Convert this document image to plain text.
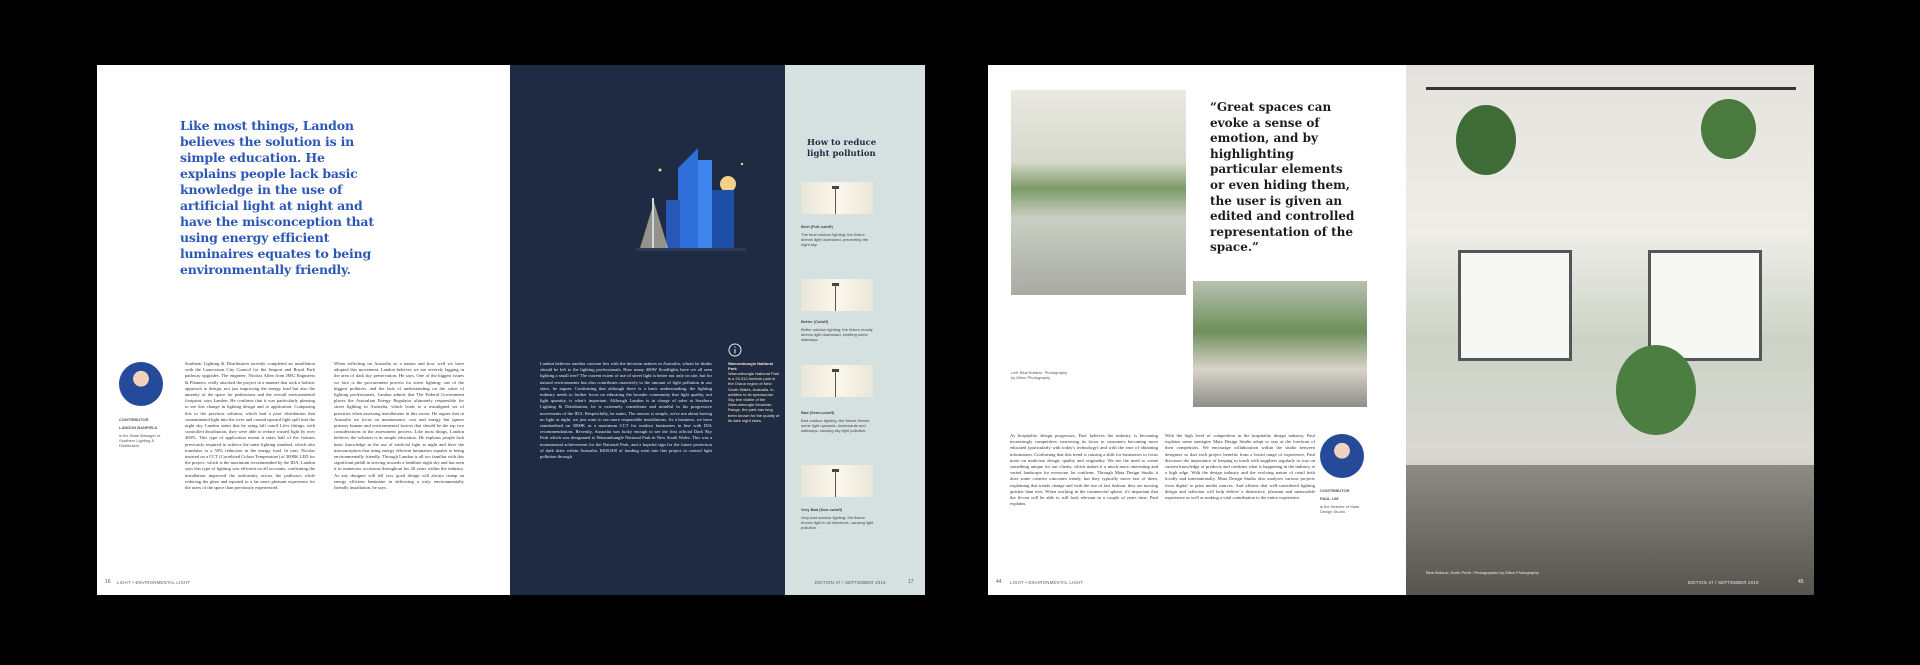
Like most things, Landon believes the solution is in simple education. He explains people lack basic knowledge in the use of artificial light at night and have the misconception that using energy efficient luminaires equates to being environmentally friendly.
CONTRIBUTOR
LANDON BANFIELD
is the State Manager of Southern Lighting & Distribution.
Southern Lighting & Distribution recently completed an installation with the Launceston City Council for the Seaport and Royal Park pathway upgrades. The engineer, Nicolas Allen from JMG Engineers & Planners, really attacked the project in a manner that took a holistic approach to design, not just improving the energy load but also the amenity of the space for pedestrians and the overall environmental footprint, says Landon. He confirms that it was particularly pleasing to see this change in lighting design and to application. Comparing this to the previous solution, which had a poor distribution that contaminated light into the river and caused upward light spill into the night sky, Landon states that by using full cutoff Lifer fittings, with controlled distribution, they were able to reduce wasted light by over 400%. This type of application meant it takes half of the fixtures previously required to achieve the same lighting standard, which also translates to a 50% reduction in the energy load. In turn, Nicolas insisted on a CCT (Correlated Colour Temperature) of 3000K LED for the project, which is the maximum recommended by the IDA. Landon says this type of lighting was efficient on all accounts, confirming the installation improved the uniformity across the pathways while reducing the glare and equated to a far more pleasant experience for the users of the space than previously experienced.
When reflecting on Australia as a nation and how well we have adopted this movement, Landon believes we are severely lagging in the area of dark sky preservation. He says, One of the biggest issues we face is the procurement process for street lighting; one of the biggest polluters, and the lack of understanding on the value of lighting professionals. Landon admits that The Federal Government places the Australian Energy Regulator ultimately responsible for street lighting in Australia, which leads to a misaligned set of priorities when assessing installations in this sector. He argues that in Australia we focus on maintenance, cost and energy but ignore primary human and environmental factors that should be the top two considerations in the assessment process. Like most things, Landon believes the solution is in simple education. He explains people lack basic knowledge in the use of artificial light at night and have the misconception that using energy efficient luminaires equates to being environmentally friendly. Through Landon is all too familiar with this significant pitfall in striving towards a healthier night sky and has seen it in numerous occasions throughout his 20 years within the industry. As any designer will tell you, good design will always trump an energy efficient luminaire in delivering a truly environmentally friendly installation, he says.
16 LIGHT • ENVIRONMENTAL LIGHT
Landon believes another concern lies with the decision makers in Australia, whom he thinks should be left to the lighting professionals. How many 400W floodlights have we all seen lighting a small tree? The current extent of use of street light is better not only on site, but for natural environments but also contributes massively to the amount of light pollution in our skies, he argues. Confirming that although there is a basic understanding, the lighting industry needs to further focus on educating the broader community that light quality, not light quantity, is what's important. Although Landon is in charge of sales at Southern Lighting & Distribution, he is extremely considerate and mindful in his progressive movements of the IDA. Respectfully, he states, The answer is simple, we're not about having no light at night, we just want to see more responsible installations. As a business, we have standardised on 3000K as a maximum CCT for outdoor luminaires in line with IDA recommendations. Recently, Australia was lucky enough to see the first official Dark Sky Park which was designated to Warrumbungle National Park in New South Wales. This was a monumental achievement for the National Park, and a hopeful sign for the future protection of dark skies within Australia. $400,000 of funding went into this project to control light pollution through
Warrumbungle National Park
Warrumbungle National Park is a 23,312-hectare park in the Orana region of New South Wales, Australia. In addition to its spectacular Sky line visible of the Warrumbungle Mountain Range, the park has long been known for the quality of its dark night skies.
How to reduce light pollution
Best (Full cutoff)
The best outdoor lighting: the fixture directs light downward, preventing the night sky.
Better (Cutoff)
Better outdoor lighting: the fixture mostly directs light downward, emitting some sideways.
Bad (Semi-cutoff)
Bad outdoor lighting: the fixture throws some light upwards, downwards and sideways, causing sky light pollution.
Very Bad (Non-cutoff)
Very bad outdoor lighting: the fixture throws light in all directions, causing light pollution.
EDITION 47 / SEPTEMBER 2019	17
“Great spaces can evoke a sense of emotion, and by highlighting particular elements or even hiding them, the user is given an edited and controlled representation of the space.”
Left: Blue Botanic, Photography by Dillon Photography
As hospitality design progresses, Paul believes the industry is becoming increasingly competitive, narrowing its focus to customers becoming more educated (particularly with today's technology) and with the ease of obtaining information. Confirming that this trend is causing a shift for businesses to focus more on multi-use design, quality and originality. We see the need to create something unique for our clients, which makes it a much more interesting and varied landscape for everyone, he confirms. Through Mata Design Studio it does some creative outcomes trendy, but they typically move fast of them, explaining that trends change and with the rise of fast fashion, they are moving quicker than ever. When working in the commercial sphere, it's important that the fit-out will be able to still look relevant in a couple of years time, Paul explains.
With the high level of competition in the hospitality design industry, Paul explains some strategies Mata Design Studio adopt to stay at the forefront of their competitors. We encourage collaboration within the studio between designers so that each project benefits from a broad range of experience, Paul discusses the importance of keeping in touch with suppliers regularly to stay on current knowledge of products and confirms what is happening in the industry at a high edge. With the design industry and the evolving nature of retail both locally and internationally, Mata Design Studio also analyses various projects from digital to print media sources. And affirms that well-considered lighting design and selection will help deliver a distinctive, pleasant and memorable experience as well as making a vital contribution to the entire experience.
CONTRIBUTOR
PAUL LIM
is the Director of Mata Design Studio.
44 LIGHT • ENVIRONMENTAL LIGHT
Blue Botanic, North Perth. Photographed by Dillon Photography
EDITION 47 / SEPTEMBER 2019	45
